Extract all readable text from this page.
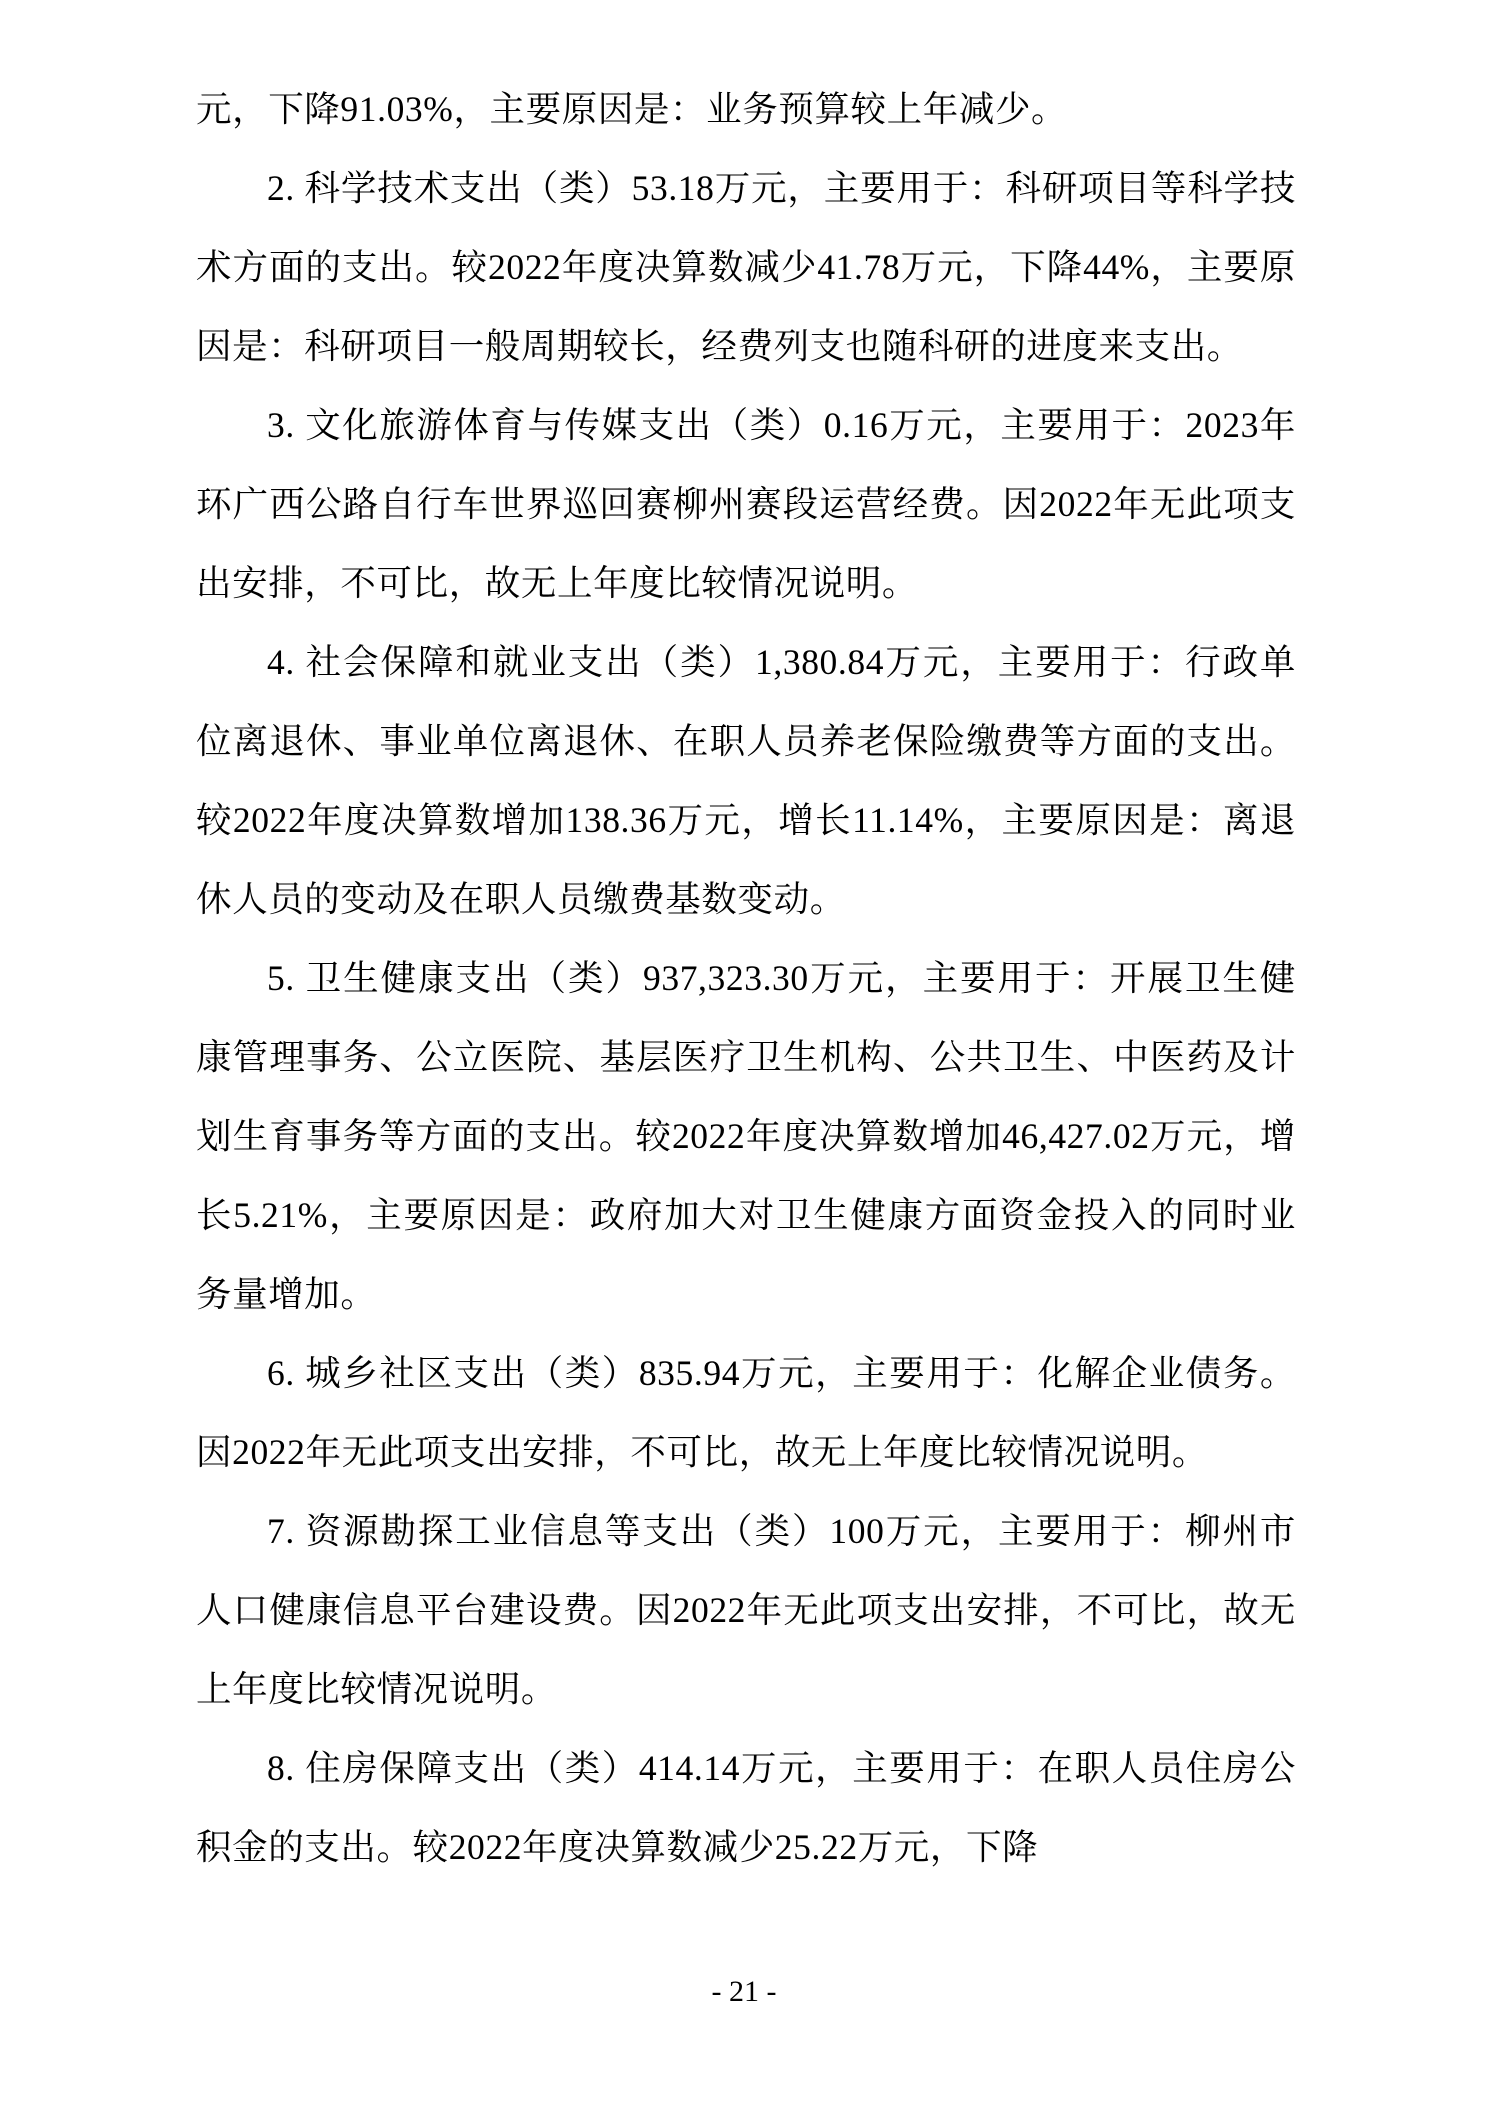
元，下降91.03%，主要原因是：业务预算较上年减少。

2. 科学技术支出（类）53.18万元，主要用于：科研项目等科学技术方面的支出。较2022年度决算数减少41.78万元，下降44%，主要原因是：科研项目一般周期较长，经费列支也随科研的进度来支出。

3. 文化旅游体育与传媒支出（类）0.16万元，主要用于：2023年环广西公路自行车世界巡回赛柳州赛段运营经费。因2022年无此项支出安排，不可比，故无上年度比较情况说明。

4. 社会保障和就业支出（类）1,380.84万元，主要用于：行政单位离退休、事业单位离退休、在职人员养老保险缴费等方面的支出。较2022年度决算数增加138.36万元，增长11.14%，主要原因是：离退休人员的变动及在职人员缴费基数变动。

5. 卫生健康支出（类）937,323.30万元，主要用于：开展卫生健康管理事务、公立医院、基层医疗卫生机构、公共卫生、中医药及计划生育事务等方面的支出。较2022年度决算数增加46,427.02万元，增长5.21%，主要原因是：政府加大对卫生健康方面资金投入的同时业务量增加。

6. 城乡社区支出（类）835.94万元，主要用于：化解企业债务。因2022年无此项支出安排，不可比，故无上年度比较情况说明。

7. 资源勘探工业信息等支出（类）100万元，主要用于：柳州市人口健康信息平台建设费。因2022年无此项支出安排，不可比，故无上年度比较情况说明。

8. 住房保障支出（类）414.14万元，主要用于：在职人员住房公积金的支出。较2022年度决算数减少25.22万元，下降

- 21 -
